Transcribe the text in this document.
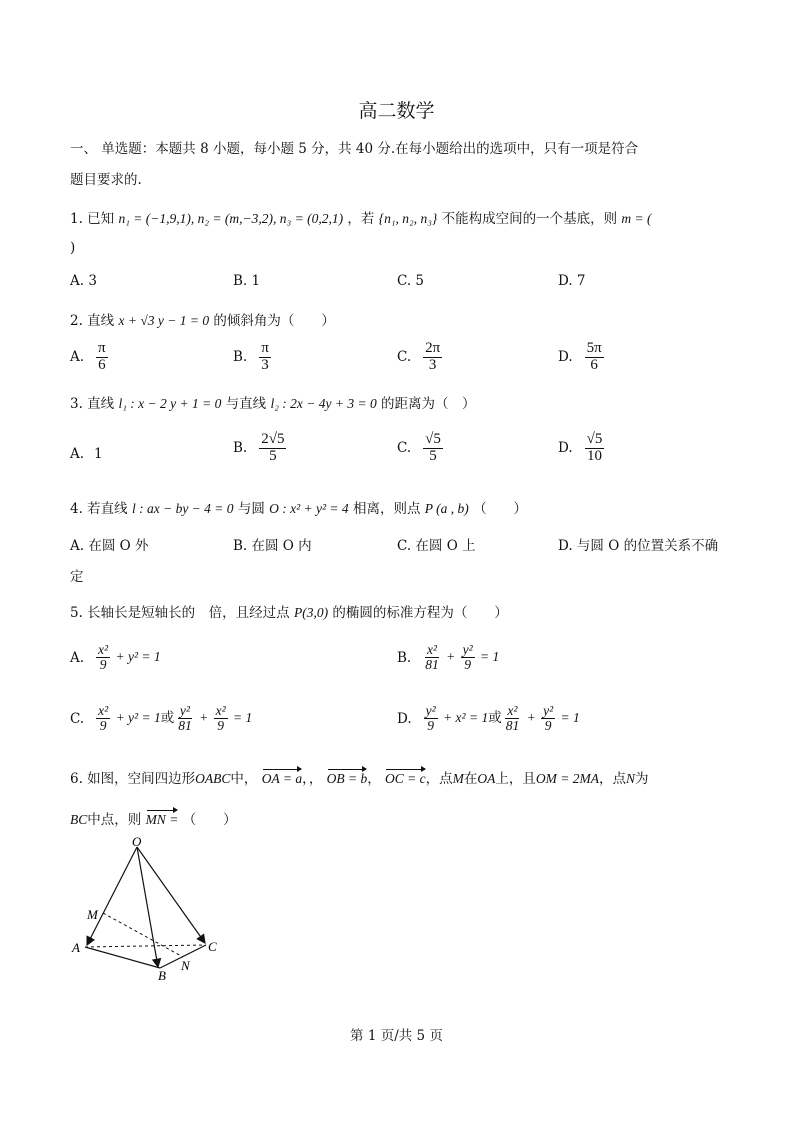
高二数学
一、 单选题：本题共 8 小题，每小题 5 分，共 40 分.在每小题给出的选项中，只有一项是符合
题目要求的.
1. 已知 n₁ = (−1,9,1), n₂ = (m,−3,2), n₃ = (0,2,1) ，若 {n₁, n₂, n₃} 不能构成空间的一个基底，则 m = (
)
A. 3	B. 1	C. 5	D. 7
2. 直线 x + √3 y − 1 = 0 的倾斜角为（　　）
A. $\frac{\pi}{6}$	B. $\frac{\pi}{3}$	C. $\frac{2\pi}{3}$	D. $\frac{5\pi}{6}$
3. 直线 l₁ : x − 2 y + 1 = 0 与直线 l₂ : 2x − 4y + 3 = 0 的距离为（　）
A. 1	B. $\frac{2√5}{5}$	C. $\frac{√5}{5}$	D. $\frac{√5}{10}$
4. 若直线 l : ax − by − 4 = 0 与圆 O : x² + y² = 4 相离，则点 P (a , b) （　　）
A. 在圆 O 外	B. 在圆 O 内	C. 在圆 O 上	D. 与圆 O 的位置关系不确
定
5. 长轴长是短轴长的　倍，且经过点 P(3,0) 的椭圆的标准方程为（　　）
A. $\frac{\text{x²}}{9} + y^2 = 1$	B. $\frac{\text{x²}}{81} + \frac{\text{y²}}{9} = 1$
C. $\frac{\text{x²}}{9} + y^2 = 1$或 $\frac{\text{y²}}{81} + \frac{\text{x²}}{9} = 1$	D. $\frac{\text{y²}}{9} + x^2 = 1$或 $\frac{\text{x²}}{81} + \frac{\text{y²}}{9} = 1$
6. 如图，空间四边形OABC中， OA = a，， OB = b， OC = c，点M在OA上，且OM = 2MA，点N为
BC中点，则 MN = （　　）
O
M
A
B
N
C
第 1 页/共 5 页
